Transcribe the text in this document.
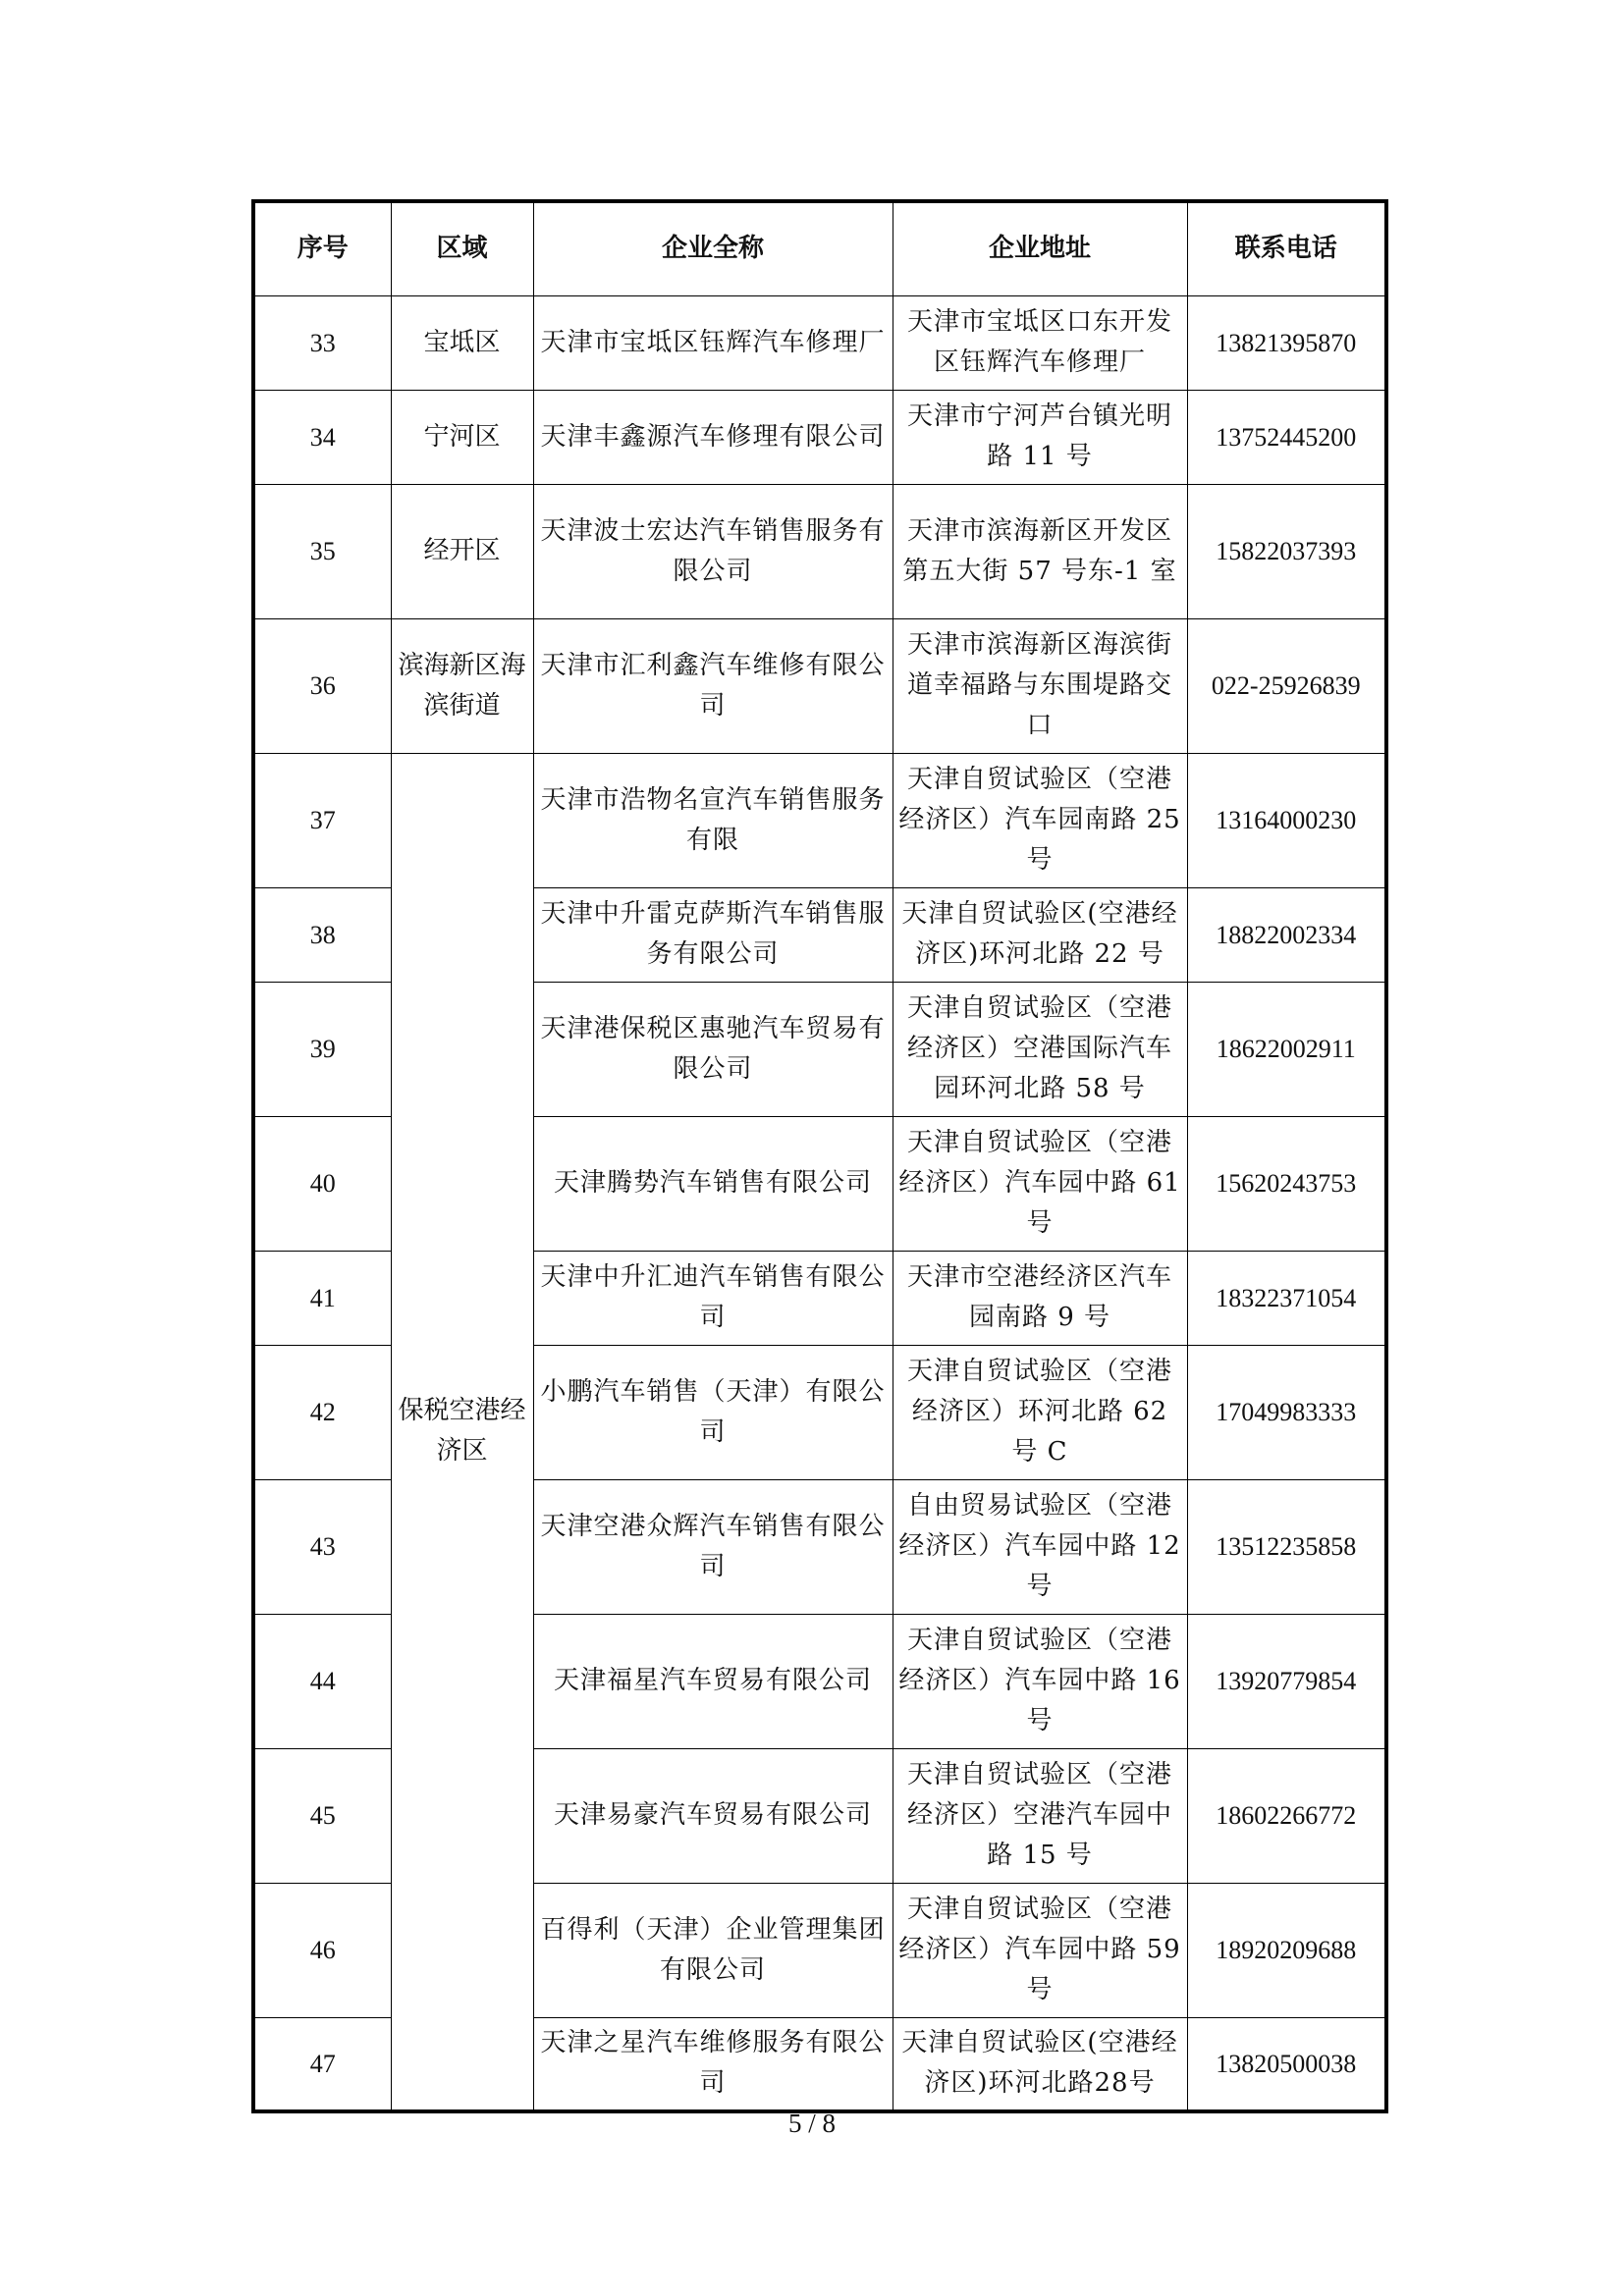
序号	区域	企业全称	企业地址	联系电话
33	宝坻区	天津市宝坻区钰辉汽车修理厂	天津市宝坻区口东开发区钰辉汽车修理厂	13821395870
34	宁河区	天津丰鑫源汽车修理有限公司	天津市宁河芦台镇光明路 11 号	13752445200
35	经开区	天津波士宏达汽车销售服务有限公司	天津市滨海新区开发区第五大街 57 号东-1 室	15822037393
36	滨海新区海滨街道	天津市汇利鑫汽车维修有限公司	天津市滨海新区海滨街道幸福路与东围堤路交口	022-25926839
37	保税空港经济区	天津市浩物名宣汽车销售服务有限	天津自贸试验区（空港经济区）汽车园南路 25 号	13164000230
38		天津中升雷克萨斯汽车销售服务有限公司	天津自贸试验区(空港经济区)环河北路 22 号	18822002334
39		天津港保税区惠驰汽车贸易有限公司	天津自贸试验区（空港经济区）空港国际汽车园环河北路 58 号	18622002911
40		天津腾势汽车销售有限公司	天津自贸试验区（空港经济区）汽车园中路 61 号	15620243753
41		天津中升汇迪汽车销售有限公司	天津市空港经济区汽车园南路 9 号	18322371054
42		小鹏汽车销售（天津）有限公司	天津自贸试验区（空港经济区）环河北路 62 号 C	17049983333
43		天津空港众辉汽车销售有限公司	自由贸易试验区（空港经济区）汽车园中路 12 号	13512235858
44		天津福星汽车贸易有限公司	天津自贸试验区（空港经济区）汽车园中路 16 号	13920779854
45		天津易豪汽车贸易有限公司	天津自贸试验区（空港经济区）空港汽车园中路 15 号	18602266772
46		百得利（天津）企业管理集团有限公司	天津自贸试验区（空港经济区）汽车园中路 59 号	18920209688
47		天津之星汽车维修服务有限公司	天津自贸试验区(空港经济区)环河北路28号	13820500038
5 / 8
